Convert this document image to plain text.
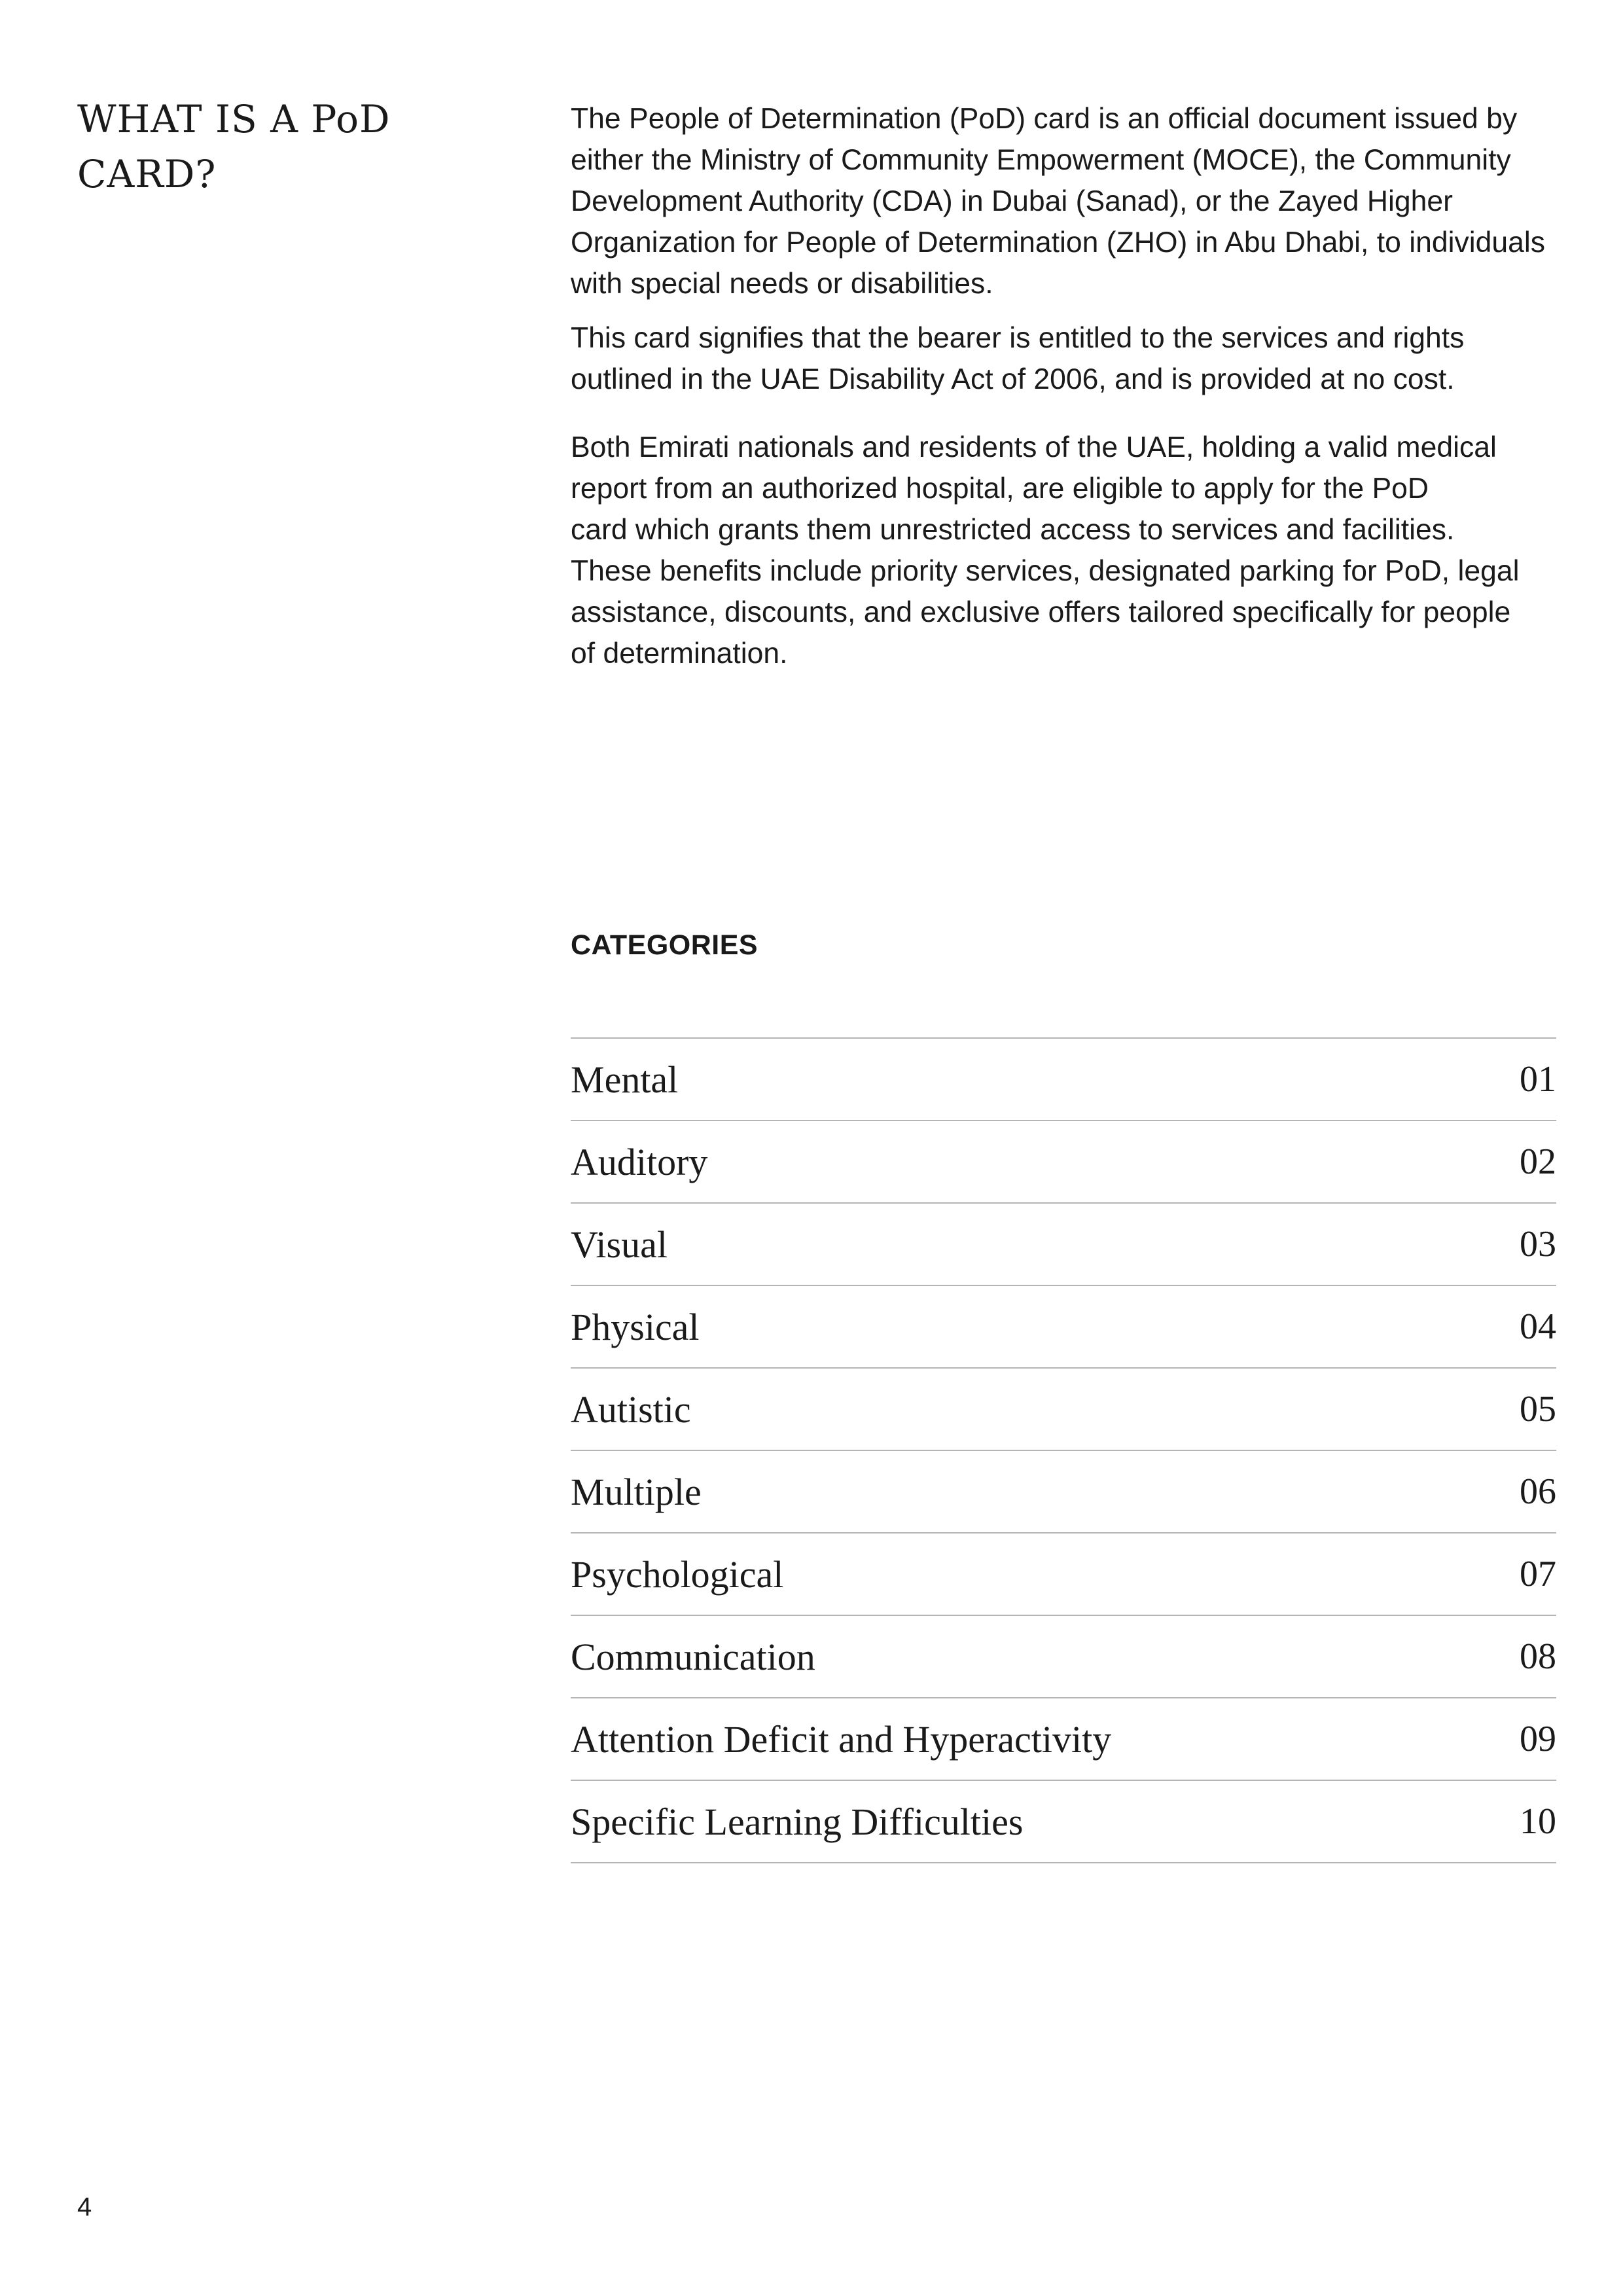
WHAT IS A PoD
CARD?

The People of Determination (PoD) card is an official document issued by
either the Ministry of Community Empowerment (MOCE), the Community
Development Authority (CDA) in Dubai (Sanad), or the Zayed Higher
Organization for People of Determination (ZHO) in Abu Dhabi, to individuals
with special needs or disabilities.

This card signifies that the bearer is entitled to the services and rights
outlined in the UAE Disability Act of 2006, and is provided at no cost.

Both Emirati nationals and residents of the UAE, holding a valid medical
report from an authorized hospital, are eligible to apply for the PoD
card which grants them unrestricted access to services and facilities.
These benefits include priority services, designated parking for PoD, legal
assistance, discounts, and exclusive offers tailored specifically for people
of determination.

CATEGORIES
Mental	01
Auditory	02
Visual	03
Physical	04
Autistic	05
Multiple	06
Psychological	07
Communication	08
Attention Deficit and Hyperactivity	09
Specific Learning Difficulties	10
4
